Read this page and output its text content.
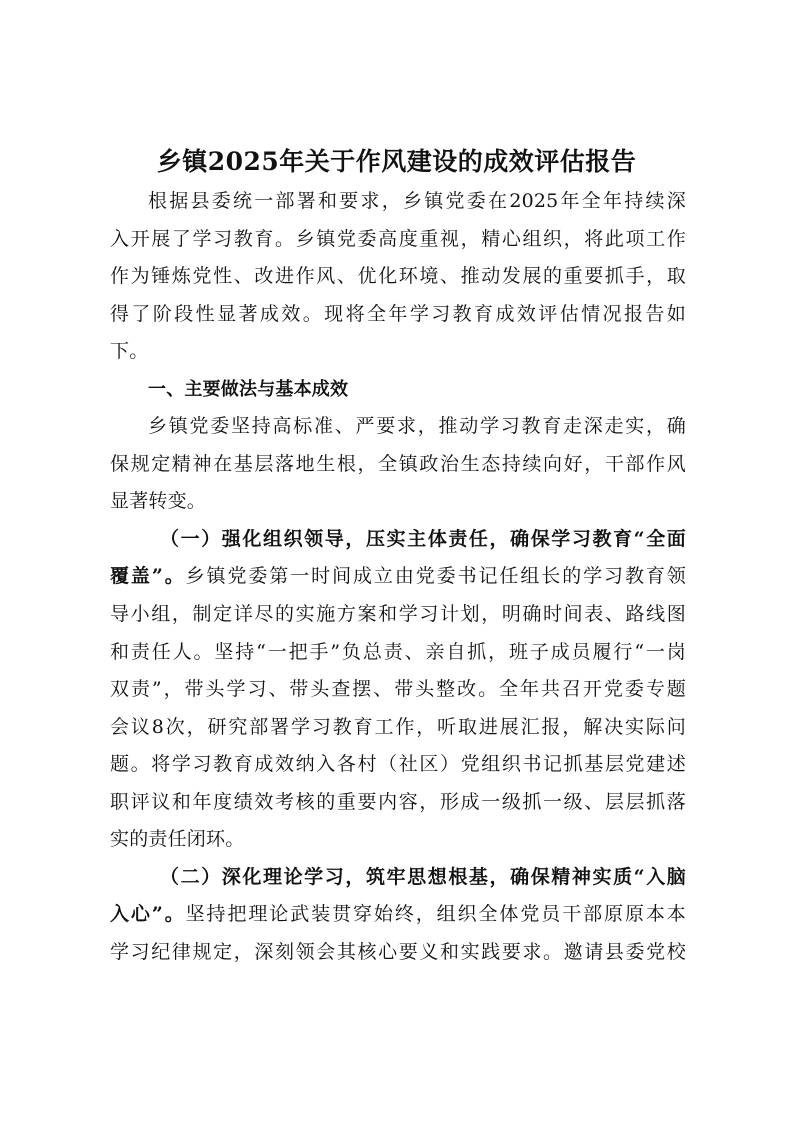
乡镇2025年关于作风建设的成效评估报告
根据县委统一部署和要求，乡镇党委在2025年全年持续深
入开展了学习教育。乡镇党委高度重视，精心组织，将此项工作
作为锤炼党性、改进作风、优化环境、推动发展的重要抓手，取
得了阶段性显著成效。现将全年学习教育成效评估情况报告如
下。
一、主要做法与基本成效
乡镇党委坚持高标准、严要求，推动学习教育走深走实，确
保规定精神在基层落地生根，全镇政治生态持续向好，干部作风
显著转变。
（一）强化组织领导，压实主体责任，确保学习教育“全面
覆盖”。乡镇党委第一时间成立由党委书记任组长的学习教育领
导小组，制定详尽的实施方案和学习计划，明确时间表、路线图
和责任人。坚持“一把手”负总责、亲自抓，班子成员履行“一岗
双责”，带头学习、带头查摆、带头整改。全年共召开党委专题
会议8次，研究部署学习教育工作，听取进展汇报，解决实际问
题。将学习教育成效纳入各村（社区）党组织书记抓基层党建述
职评议和年度绩效考核的重要内容，形成一级抓一级、层层抓落
实的责任闭环。
（二）深化理论学习，筑牢思想根基，确保精神实质“入脑
入心”。坚持把理论武装贯穿始终，组织全体党员干部原原本本
学习纪律规定，深刻领会其核心要义和实践要求。邀请县委党校
